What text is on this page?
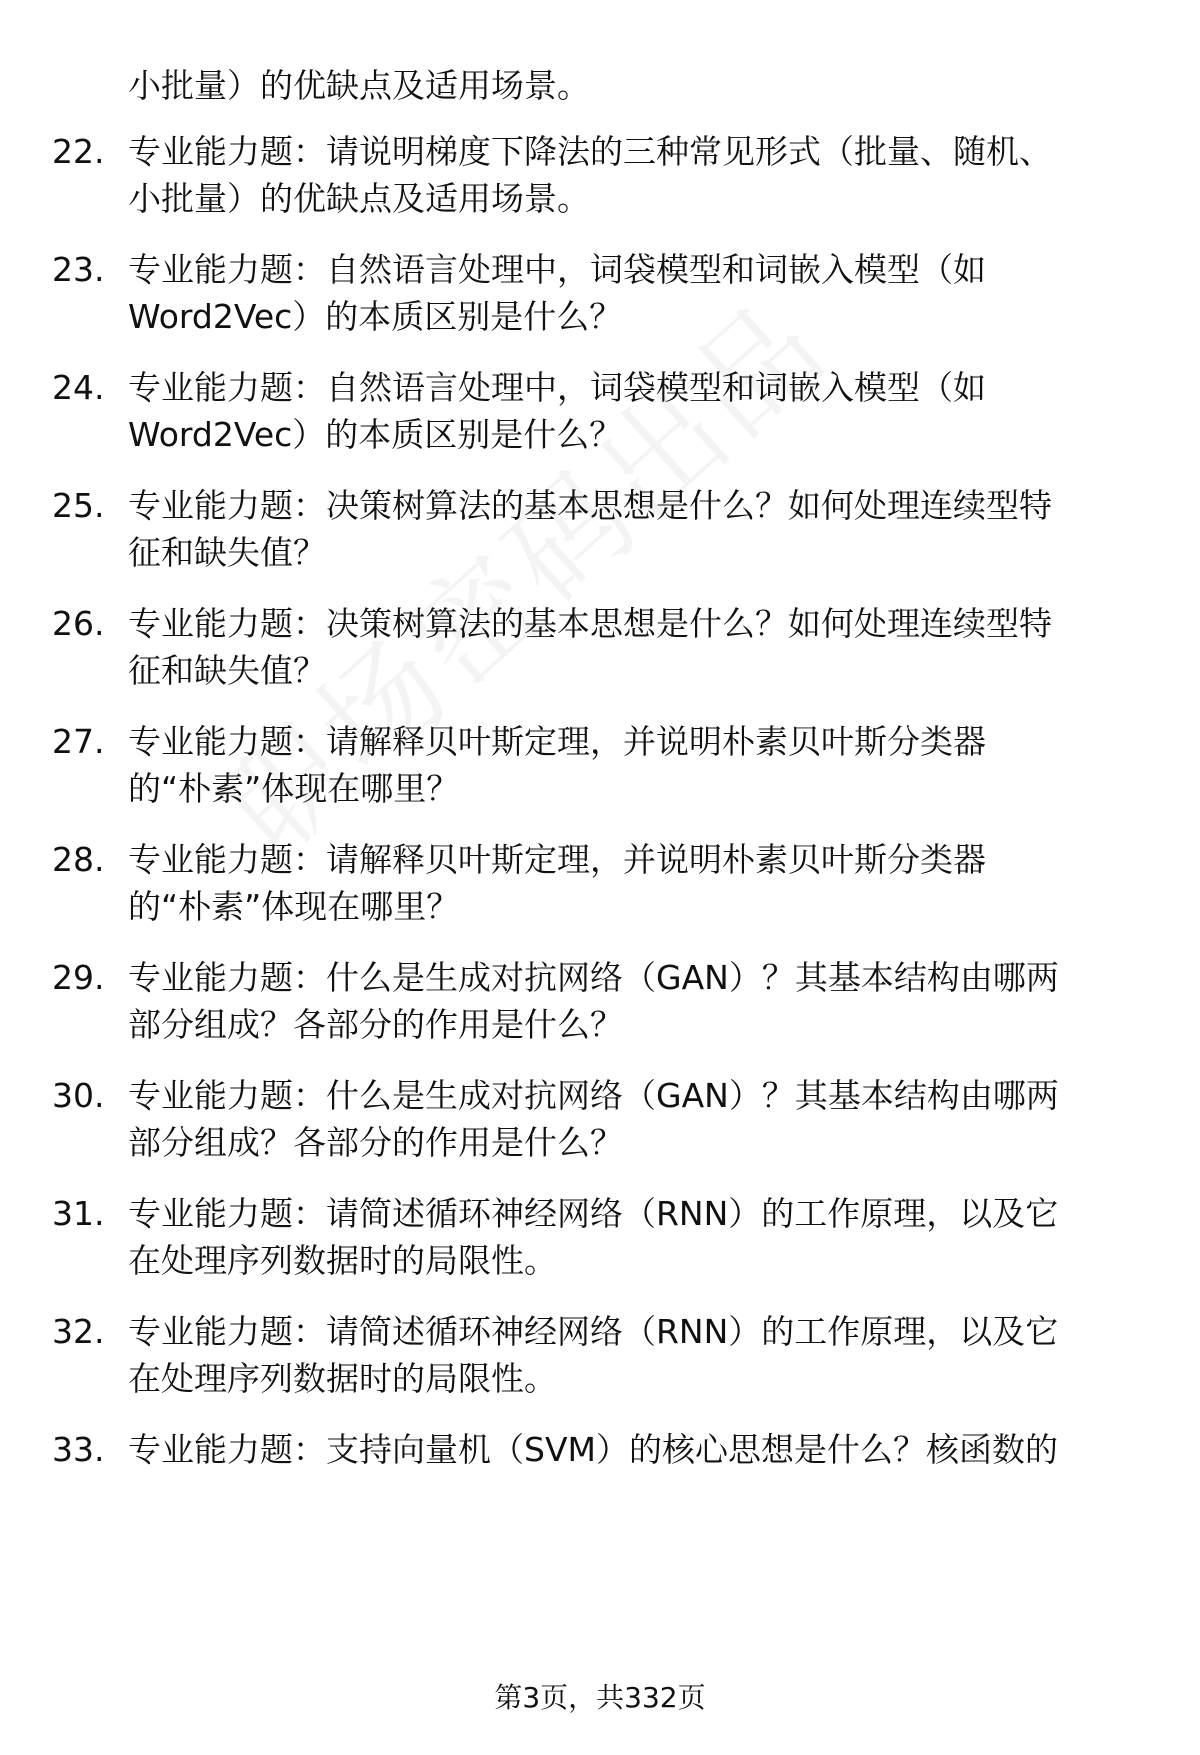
小批量）的优缺点及适用场景。
22. 专业能力题：请说明梯度下降法的三种常见形式（批量、随机、
小批量）的优缺点及适用场景。
23. 专业能力题：自然语言处理中，词袋模型和词嵌入模型（如
Word2Vec）的本质区别是什么？
24. 专业能力题：自然语言处理中，词袋模型和词嵌入模型（如
Word2Vec）的本质区别是什么？
25. 专业能力题：决策树算法的基本思想是什么？如何处理连续型特
征和缺失值？
26. 专业能力题：决策树算法的基本思想是什么？如何处理连续型特
征和缺失值？
27. 专业能力题：请解释贝叶斯定理，并说明朴素贝叶斯分类器
的“朴素”体现在哪里？
28. 专业能力题：请解释贝叶斯定理，并说明朴素贝叶斯分类器
的“朴素”体现在哪里？
29. 专业能力题：什么是生成对抗网络（GAN）？其基本结构由哪两
部分组成？各部分的作用是什么？
30. 专业能力题：什么是生成对抗网络（GAN）？其基本结构由哪两
部分组成？各部分的作用是什么？
31. 专业能力题：请简述循环神经网络（RNN）的工作原理，以及它
在处理序列数据时的局限性。
32. 专业能力题：请简述循环神经网络（RNN）的工作原理，以及它
在处理序列数据时的局限性。
33. 专业能力题：支持向量机（SVM）的核心思想是什么？核函数的
第3页，共332页
